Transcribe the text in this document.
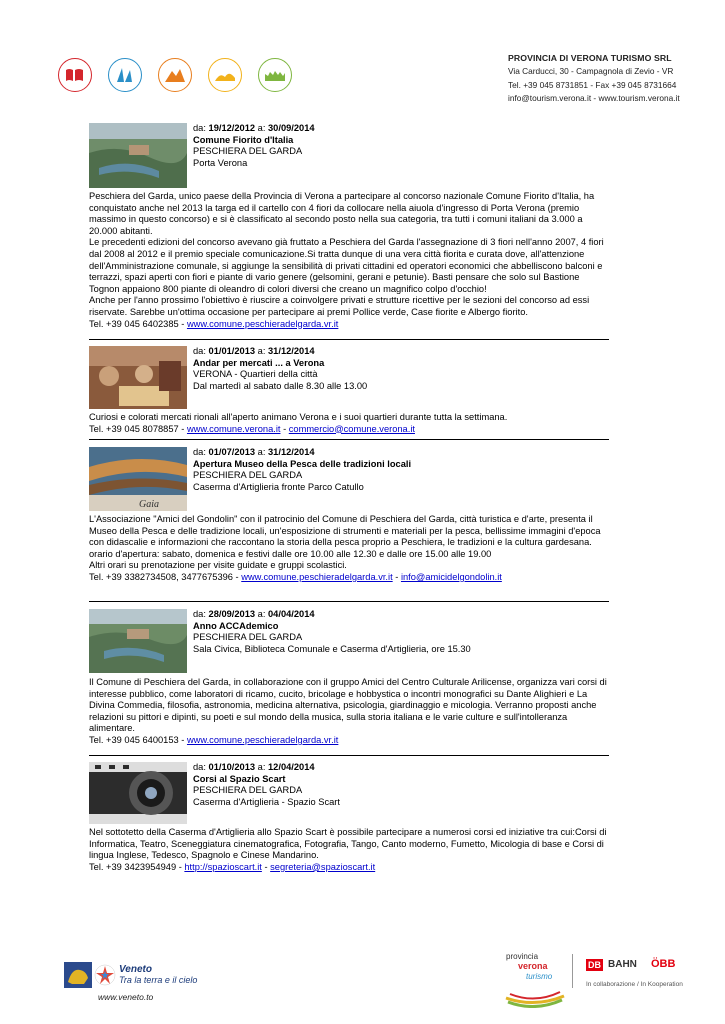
PROVINCIA DI VERONA TURISMO SRL
Via Carducci, 30 - Campagnola di Zevio - VR
Tel. +39 045 8731851 - Fax +39 045 8731664
info@tourism.verona.it - www.tourism.verona.it
da: 19/12/2012 a: 30/09/2014
Comune Fiorito d'Italia
PESCHIERA DEL GARDA
Porta Verona
Peschiera del Garda, unico paese della Provincia di Verona a partecipare al concorso nazionale Comune Fiorito d'Italia, ha conquistato anche nel 2013 la targa ed il cartello con 4 fiori da collocare nella aiuola d'ingresso di Porta Verona (premio massimo in questo concorso) e si è classificato al secondo posto nella sua categoria, tra tutti i comuni italiani da 3.000 a 20.000 abitanti.
Le precedenti edizioni del concorso avevano già fruttato a Peschiera del Garda l'assegnazione di 3 fiori nell'anno 2007, 4 fiori dal 2008 al 2012 e il premio speciale comunicazione.Si tratta dunque di una vera città fiorita e curata dove, all'attenzione dell'Amministrazione comunale, si aggiunge la sensibilità di privati cittadini ed operatori economici che abbelliscono balconi e terrazzi, spazi aperti con fiori e piante di vario genere (gelsomini, gerani e petunie). Basti pensare che solo sul Bastione Tognon appaiono 800 piante di oleandro di colori diversi che creano un magnifico colpo d'occhio!
Anche per l'anno prossimo l'obiettivo è riuscire a coinvolgere privati e strutture ricettive per le sezioni del concorso ad essi riservate. Sarebbe un'ottima occasione per partecipare ai premi Pollice verde, Case fiorite e Albergo fiorito.
Tel. +39 045 6402385 - www.comune.peschieradelgarda.vr.it
da: 01/01/2013 a: 31/12/2014
Andar per mercati ... a Verona
VERONA - Quartieri della città
Dal martedì al sabato dalle 8.30 alle 13.00
Curiosi e colorati mercati rionali all'aperto animano Verona e i suoi quartieri durante tutta la settimana.
Tel. +39 045 8078857 - www.comune.verona.it - commercio@comune.verona.it
Gaia
da: 01/07/2013 a: 31/12/2014
Apertura Museo della Pesca delle tradizioni locali
PESCHIERA DEL GARDA
Caserma d'Artiglieria fronte Parco Catullo
L'Associazione "Amici del Gondolin" con il patrocinio del Comune di Peschiera del Garda, città turistica e d'arte, presenta il Museo della Pesca e delle tradizione locali, un'esposizione di strumenti e materiali per la pesca, bellissime immagini d'epoca con didascalie e informazioni che raccontano la storia della pesca proprio a Peschiera, le tradizioni e la cultura gardesana.
orario d'apertura: sabato, domenica e festivi dalle ore 10.00 alle 12.30 e dalle ore 15.00 alle 19.00
Altri orari su prenotazione per visite guidate e gruppi scolastici.
Tel. +39 3382734508, 3477675396 - www.comune.peschieradelgarda.vr.it - info@amicidelgondolin.it
da: 28/09/2013 a: 04/04/2014
Anno ACCAdemico
PESCHIERA DEL GARDA
Sala Civica, Biblioteca Comunale e Caserma d'Artiglieria, ore 15.30
Il Comune di Peschiera del Garda, in collaborazione con il gruppo Amici del Centro Culturale Arilicense, organizza vari corsi di interesse pubblico, come laboratori di ricamo, cucito, bricolage e hobbystica o incontri monografici su Dante Alighieri e La Divina Commedia, filosofia, astronomia, medicina alternativa, psicologia, giardinaggio e micologia. Verranno proposti anche relazioni su pittori e dipinti, su poeti e sul mondo della musica, sulla storia italiana e le varie culture e sull'intolleranza alimentare.
Tel. +39 045 6400153 - www.comune.peschieradelgarda.vr.it
da: 01/10/2013 a: 12/04/2014
Corsi al Spazio Scart
PESCHIERA DEL GARDA
Caserma d'Artiglieria - Spazio Scart
Nel sottotetto della Caserma d'Artiglieria allo Spazio Scart è possibile partecipare a numerosi corsi ed iniziative tra cui:Corsi di Informatica, Teatro, Sceneggiatura cinematografica, Fotografia, Tango, Canto moderno, Fumetto, Micologia di base e Corsi di lingua Inglese, Tedesco, Spagnolo e Cinese Mandarino.
Tel. +39 3423954949 - http://spazioscart.it - segreteria@spazioscart.it
Veneto
Tra la terra e il cielo
www.veneto.to
provincia
verona
turismo
DB BAHN ÖBB
In collaborazione / In Kooperation
